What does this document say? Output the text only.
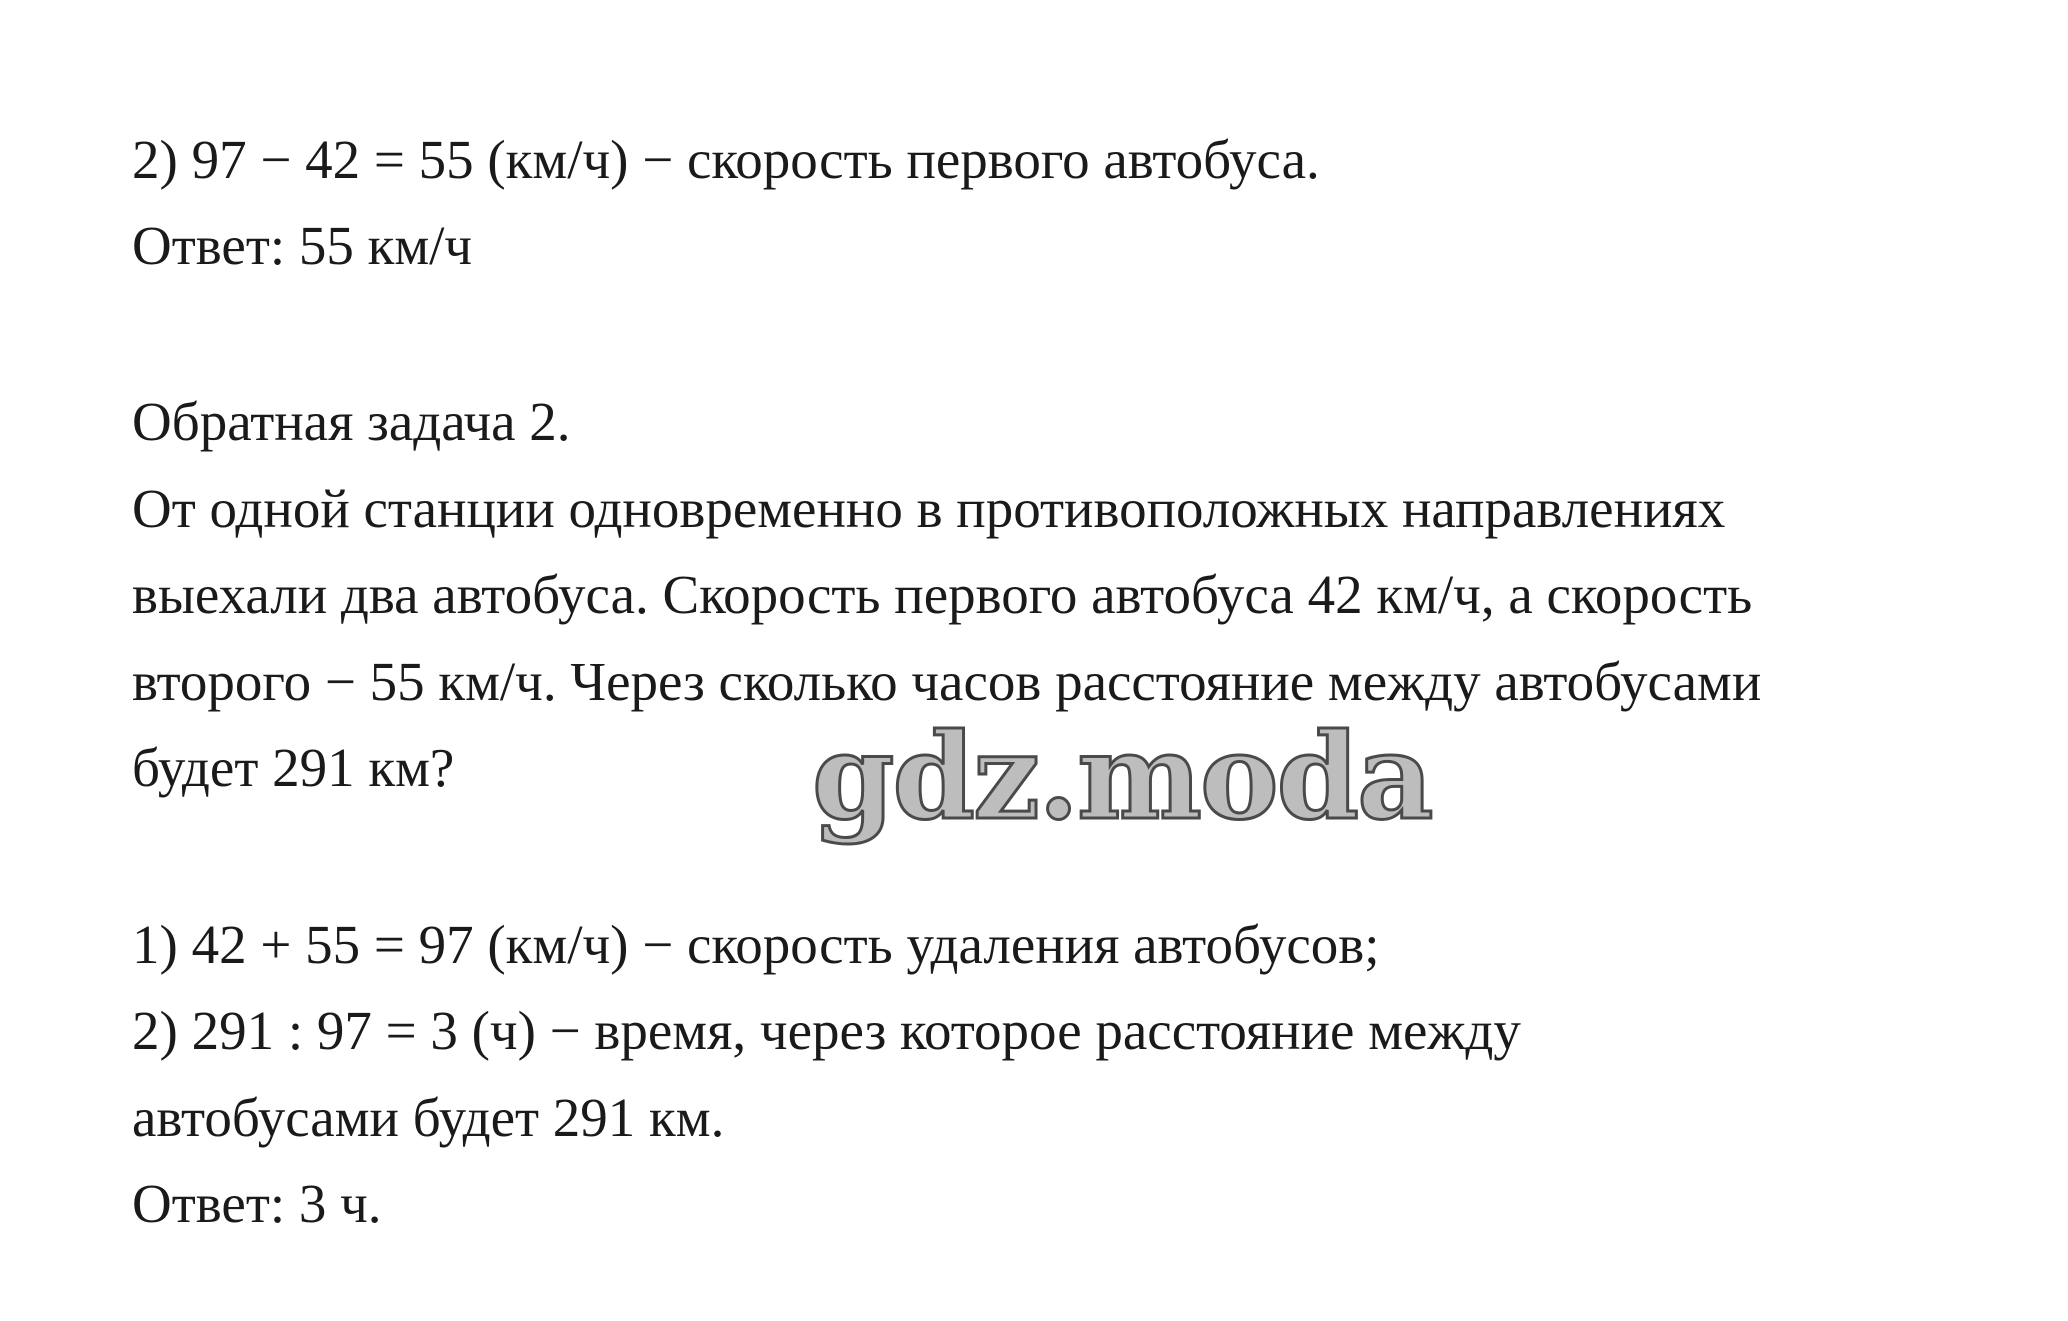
2) 97 − 42 = 55 (км/ч) − скорость первого автобуса.
Ответ: 55 км/ч
Обратная задача 2.
От одной станции одновременно в противоположных направлениях
выехали два автобуса. Скорость первого автобуса 42 км/ч, а скорость
второго − 55 км/ч. Через сколько часов расстояние между автобусами
будет 291 км?
1) 42 + 55 = 97 (км/ч) − скорость удаления автобусов;
2) 291 : 97 = 3 (ч) − время, через которое расстояние между
автобусами будет 291 км.
Ответ: 3 ч.
gdz.moda
